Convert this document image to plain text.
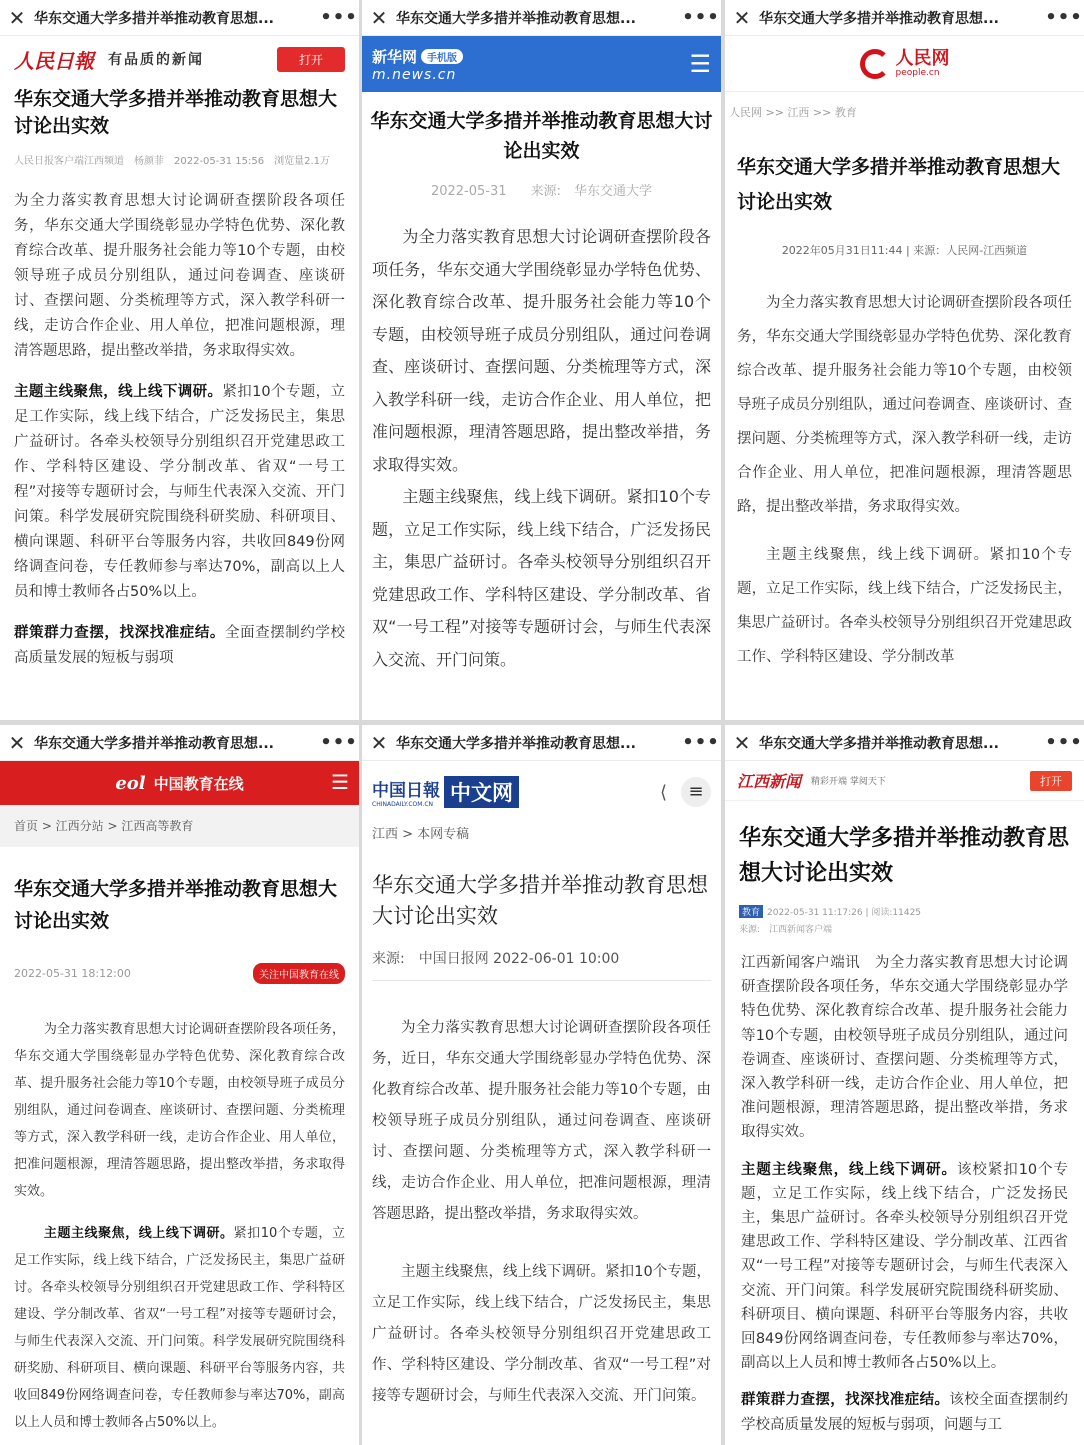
✕ 华东交通大学多措并举推动教育思想...	•••
人民日報 有品质的新闻	打开
华东交通大学多措并举推动教育思想大讨论出实效
人民日报客户端江西频道　杨颜菲　2022-05-31 15:56　浏览量2.1万

为全力落实教育思想大讨论调研查摆阶段各项任务，华东交通大学围绕彰显办学特色优势、深化教育综合改革、提升服务社会能力等10个专题，由校领导班子成员分别组队，通过问卷调查、座谈研讨、查摆问题、分类梳理等方式，深入教学科研一线，走访合作企业、用人单位，把准问题根源，理清答题思路，提出整改举措，务求取得实效。

主题主线聚焦，线上线下调研。紧扣10个专题，立足工作实际，线上线下结合，广泛发扬民主，集思广益研讨。各牵头校领导分别组织召开党建思政工作、学科特区建设、学分制改革、省双“一号工程”对接等专题研讨会，与师生代表深入交流、开门问策。科学发展研究院围绕科研奖励、科研项目、横向课题、科研平台等服务内容，共收回849份网络调查问卷，专任教师参与率达70%，副高以上人员和博士教师各占50%以上。

群策群力查摆，找深找准症结。全面查摆制约学校高质量发展的短板与弱项

✕ 华东交通大学多措并举推动教育思想...	•••
新华网	手机版
m.news.cn	☰
华东交通大学多措并举推动教育思想大讨论出实效
2022-05-31 来源:　华东交通大学

为全力落实教育思想大讨论调研查摆阶段各项任务，华东交通大学围绕彰显办学特色优势、深化教育综合改革、提升服务社会能力等10个专题，由校领导班子成员分别组队，通过问卷调查、座谈研讨、查摆问题、分类梳理等方式，深入教学科研一线，走访合作企业、用人单位，把准问题根源，理清答题思路，提出整改举措，务求取得实效。

主题主线聚焦，线上线下调研。紧扣10个专题，立足工作实际，线上线下结合，广泛发扬民主，集思广益研讨。各牵头校领导分别组织召开党建思政工作、学科特区建设、学分制改革、省双“一号工程”对接等专题研讨会，与师生代表深入交流、开门问策。

✕ 华东交通大学多措并举推动教育思想...	•••
人民网
people.cn
人民网 >> 江西 >> 教育
华东交通大学多措并举推动教育思想大讨论出实效
2022年05月31日11:44 | 来源：人民网-江西频道

为全力落实教育思想大讨论调研查摆阶段各项任务，华东交通大学围绕彰显办学特色优势、深化教育综合改革、提升服务社会能力等10个专题，由校领导班子成员分别组队，通过问卷调查、座谈研讨、查摆问题、分类梳理等方式，深入教学科研一线，走访合作企业、用人单位，把准问题根源，理清答题思路，提出整改举措，务求取得实效。

主题主线聚焦，线上线下调研。紧扣10个专题，立足工作实际，线上线下结合，广泛发扬民主，集思广益研讨。各牵头校领导分别组织召开党建思政工作、学科特区建设、学分制改革

✕ 华东交通大学多措并举推动教育思想...	•••
eol 中国教育在线	☰
首页 > 江西分站 > 江西高等教育
华东交通大学多措并举推动教育思想大讨论出实效
2022-05-31 18:12:00	关注中国教育在线

为全力落实教育思想大讨论调研查摆阶段各项任务，华东交通大学围绕彰显办学特色优势、深化教育综合改革、提升服务社会能力等10个专题，由校领导班子成员分别组队，通过问卷调查、座谈研讨、查摆问题、分类梳理等方式，深入教学科研一线，走访合作企业、用人单位，把准问题根源，理清答题思路，提出整改举措，务求取得实效。

主题主线聚焦，线上线下调研。紧扣10个专题，立足工作实际，线上线下结合，广泛发扬民主，集思广益研讨。各牵头校领导分别组织召开党建思政工作、学科特区建设、学分制改革、省双“一号工程”对接等专题研讨会，与师生代表深入交流、开门问策。科学发展研究院围绕科研奖励、科研项目、横向课题、科研平台等服务内容，共收回849份网络调查问卷，专任教师参与率达70%，副高以上人员和博士教师各占50%以上。

✕ 华东交通大学多措并举推动教育思想...	•••
中国日報
CHINADAILY.COM.CN 中文网	⟨	≡
江西 > 本网专稿
华东交通大学多措并举推动教育思想大讨论出实效
来源:　中国日报网 2022-06-01 10:00

为全力落实教育思想大讨论调研查摆阶段各项任务，近日，华东交通大学围绕彰显办学特色优势、深化教育综合改革、提升服务社会能力等10个专题，由校领导班子成员分别组队，通过问卷调查、座谈研讨、查摆问题、分类梳理等方式，深入教学科研一线，走访合作企业、用人单位，把准问题根源，理清答题思路，提出整改举措，务求取得实效。

主题主线聚焦，线上线下调研。紧扣10个专题，立足工作实际，线上线下结合，广泛发扬民主，集思广益研讨。各牵头校领导分别组织召开党建思政工作、学科特区建设、学分制改革、省双“一号工程”对接等专题研讨会，与师生代表深入交流、开门问策。

✕ 华东交通大学多措并举推动教育思想...	•••
江西新闻 精彩开端 掌阅天下	打开
华东交通大学多措并举推动教育思想大讨论出实效
教育 2022-05-31 11:17:26 | 阅读:11425
来源:　江西新闻客户端

江西新闻客户端讯　为全力落实教育思想大讨论调研查摆阶段各项任务，华东交通大学围绕彰显办学特色优势、深化教育综合改革、提升服务社会能力等10个专题，由校领导班子成员分别组队，通过问卷调查、座谈研讨、查摆问题、分类梳理等方式，深入教学科研一线，走访合作企业、用人单位，把准问题根源，理清答题思路，提出整改举措，务求取得实效。

主题主线聚焦，线上线下调研。该校紧扣10个专题，立足工作实际，线上线下结合，广泛发扬民主，集思广益研讨。各牵头校领导分别组织召开党建思政工作、学科特区建设、学分制改革、江西省双“一号工程”对接等专题研讨会，与师生代表深入交流、开门问策。科学发展研究院围绕科研奖励、科研项目、横向课题、科研平台等服务内容，共收回849份网络调查问卷，专任教师参与率达70%，副高以上人员和博士教师各占50%以上。

群策群力查摆，找深找准症结。该校全面查摆制约学校高质量发展的短板与弱项，问题与工
